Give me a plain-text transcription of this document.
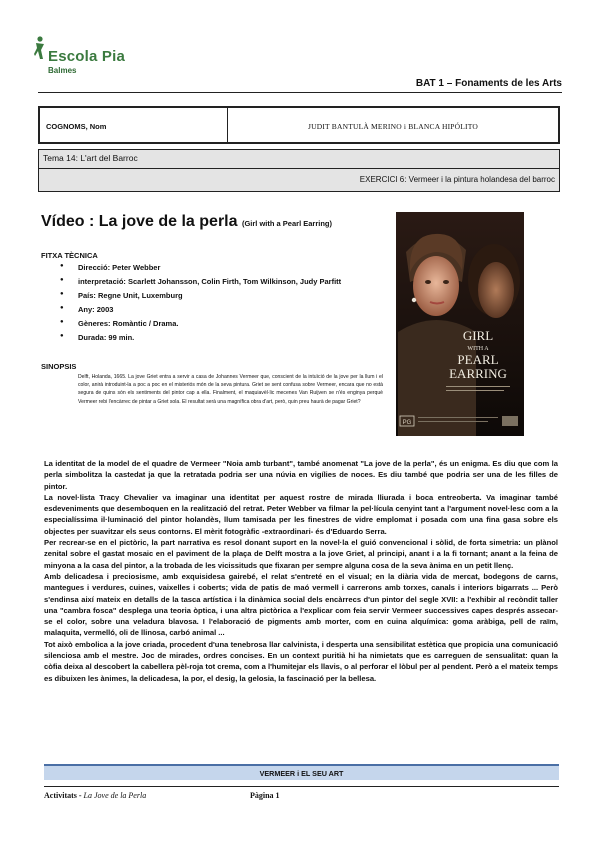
Escola Pia
Balmes
BAT 1 – Fonaments de les Arts
COGNOMS, Nom	JUDIT BANTULÀ MERINO i BLANCA HIPÓLITO
Tema 14: L'art del Barroc
EXERCICI 6: Vermeer i la pintura holandesa del barroc
Vídeo : La jove de la perla (Girl with a Pearl Earring)
FITXA TÈCNICA
● Direcció: Peter Webber
● interpretació: Scarlett Johansson, Colin Firth, Tom Wilkinson, Judy Parfitt
● País: Regne Unit, Luxemburg
● Any: 2003
● Gèneres: Romàntic / Drama.
● Durada: 99 min.
SINOPSIS

Delft, Holanda, 1665. La jove Griet entra a servir a casa de Johannes Vermeer que, conscient de la intuïció de la jove per la llum i el color, anirà introduint-la a poc a poc en el misteriós món de la seva pintura. Griet se sent confusa sobre Vermeer, encara que no està segura de quins són els sentiments del pintor cap a ella. Finalment, el maquiavèl·lic mecenes Van Ruijven se n'és enginya perquè Vermeer rebi l'encàrrec de pintar a Griet sola. El resultat serà una magnífica obra d'art, però, quin preu haurà de pagar Griet?

GIRL
WITH A
PEARL
EARRING
PG

La identitat de la model de el quadre de Vermeer "Noia amb turbant", també anomenat "La jove de la perla", és un enigma. Es diu que com la perla simbolitza la castedat ja que la retratada podria ser una núvia en vigílies de noces. Es diu també que podria ser una de les filles de pintor.

La novel·lista Tracy Chevalier va imaginar una identitat per aquest rostre de mirada lliurada i boca entreoberta. Va imaginar també esdeveniments que desemboquen en la realització del retrat. Peter Webber va filmar la pel·lícula cenyint tant a l'argument novel·lesc com a la especialíssima il·luminació del pintor holandès, llum tamisada per les finestres de vidre emplomat i posada com una fina gasa sobre els objectes per suavitzar els seus contorns. El mèrit fotogràfic -extraordinari- és d'Eduardo Serra.

Per recrear-se en el pictòric, la part narrativa es resol donant suport en la novel·la el guió convencional i sòlid, de forta simetria: un plànol zenital sobre el gastat mosaic en el paviment de la plaça de Delft mostra a la jove Griet, al principi, anant i a la fi tornant; anant a la feina de minyona a la casa del pintor, a la trobada de les vicissituds que fixaran per sempre alguna cosa de la seva ànima en un petit llenç.

Amb delicadesa i preciosisme, amb exquisidesa gairebé, el relat s'entreté en el visual; en la diària vida de mercat, bodegons de carns, mantegues i verdures, cuines, vaixelles i coberts; vida de patis de maó vermell i carrerons amb torxes, canals i interiors bigarrats ... Però s'endinsa així mateix en detalls de la tasca artística i la dinàmica social dels encàrrecs d'un pintor del segle XVII: a l'exhibir al recòndit taller una "cambra fosca" desplega una teoria òptica, i una altra pictòrica a l'explicar com feia servir Vermeer successives capes després assecar-se el color, sobre una veladura blavosa. I l'elaboració de pigments amb morter, com en cuina alquímica: goma aràbiga, pell de raïm, malaquita, vermelló, oli de llinosa, carbó animal ...

Tot això embolica a la jove criada, procedent d'una tenebrosa llar calvinista, i desperta una sensibilitat estètica que propicia una comunicació silenciosa amb el mestre. Joc de mirades, ordres concises. En un context puritià hi ha nimietats que es carreguen de sensualitat: quan la còfia deixa al descobert la cabellera pèl-roja tot crema, com a l'humitejar els llavis, o al perforar el lòbul per al pendent. Però a el mateix temps es dibuixen les ànimes, la delicadesa, la por, el desig, la gelosia, la fascinació per la bellesa.

VERMEER i EL SEU ART
Activitats - La Jove de la Perla	Pàgina 1
